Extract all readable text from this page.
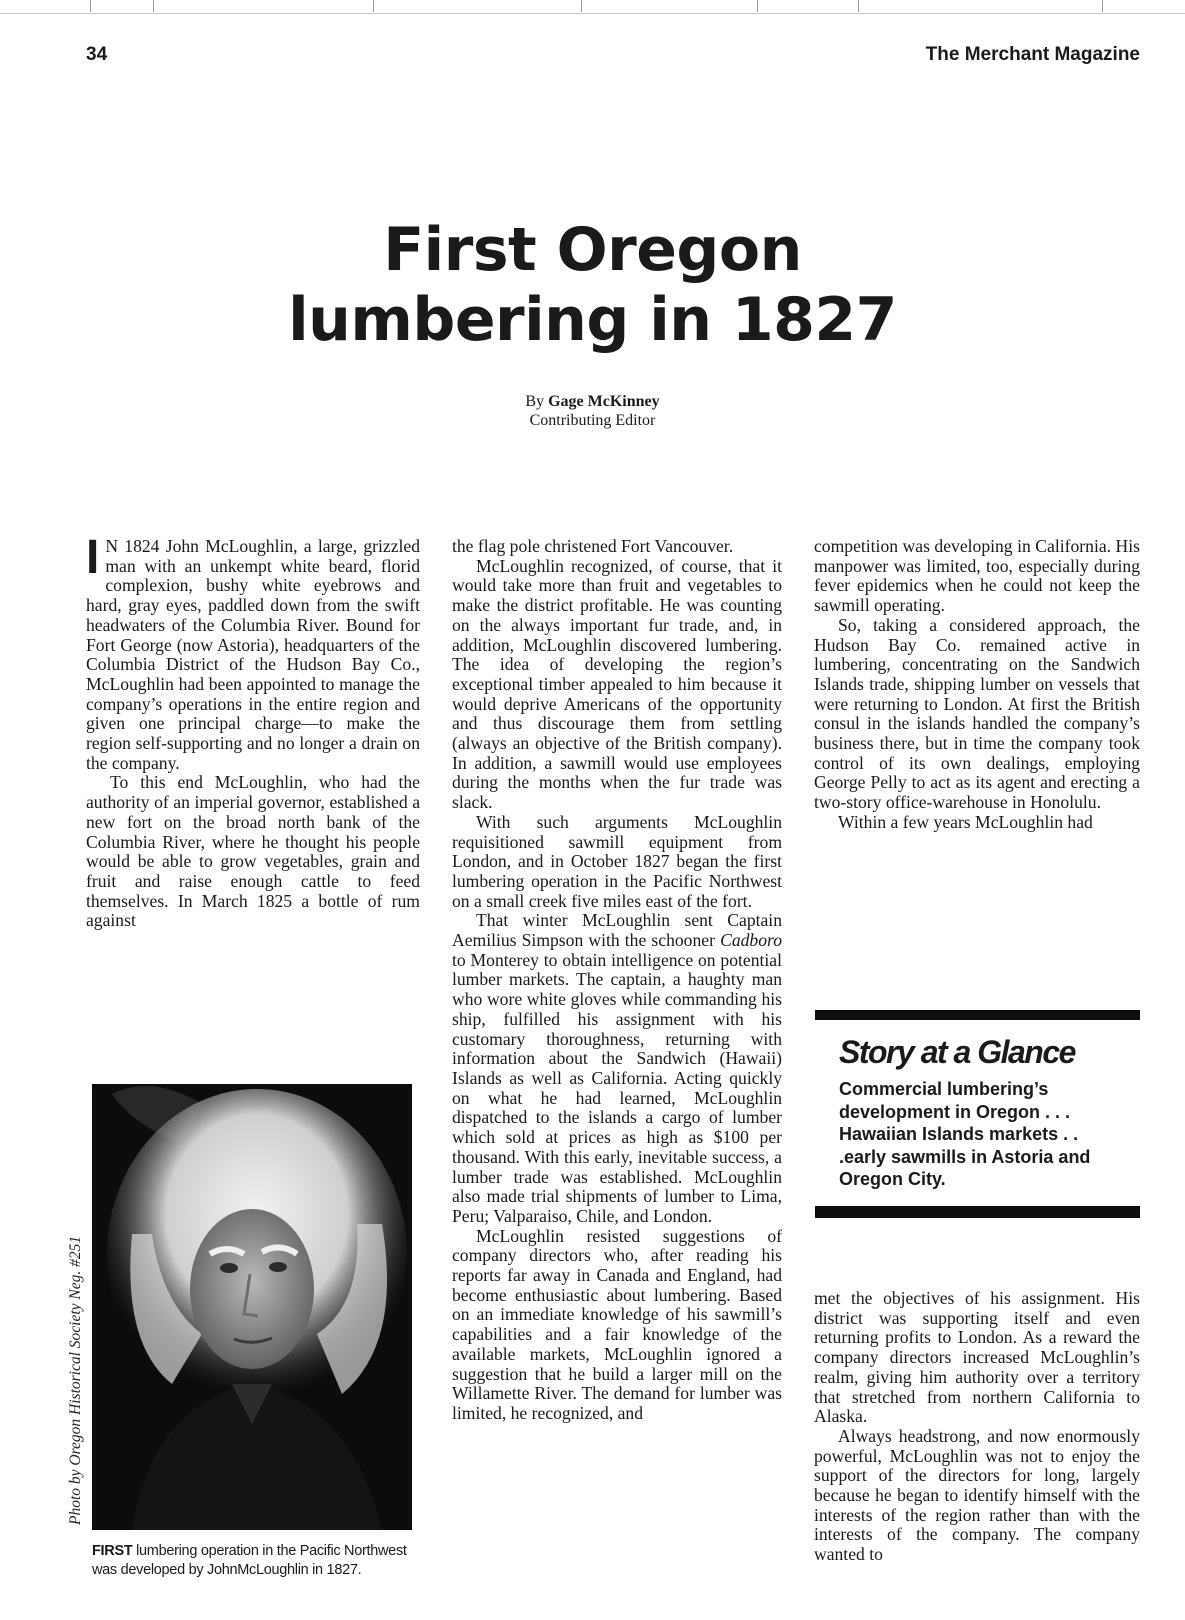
34	The Merchant Magazine
First Oregon
lumbering in 1827
By Gage McKinney
Contributing Editor

I N 1824 John McLoughlin, a large, grizzled man with an unkempt white beard, florid complexion, bushy white eyebrows and hard, gray eyes, paddled down from the swift headwaters of the Columbia River. Bound for Fort George (now Astoria), headquarters of the Columbia District of the Hudson Bay Co., McLoughlin had been appointed to manage the company’s operations in the entire region and given one principal charge—to make the region self-supporting and no longer a drain on the company.

To this end McLoughlin, who had the authority of an imperial governor, established a new fort on the broad north bank of the Columbia River, where he thought his people would be able to grow vegetables, grain and fruit and raise enough cattle to feed themselves. In March 1825 a bottle of rum against

the flag pole christened Fort Vancouver.

McLoughlin recognized, of course, that it would take more than fruit and vegetables to make the district profitable. He was counting on the always important fur trade, and, in addition, McLoughlin discovered lumbering. The idea of developing the region’s exceptional timber appealed to him because it would deprive Americans of the opportunity and thus discourage them from settling (always an objective of the British company). In addition, a sawmill would use employees during the months when the fur trade was slack.

With such arguments McLoughlin requisitioned sawmill equipment from London, and in October 1827 began the first lumbering operation in the Pacific Northwest on a small creek five miles east of the fort.

That winter McLoughlin sent Captain Aemilius Simpson with the schooner Cadboro to Monterey to obtain intelligence on potential lumber markets. The captain, a haughty man who wore white gloves while commanding his ship, fulfilled his assignment with his customary thoroughness, returning with information about the Sandwich (Hawaii) Islands as well as California. Acting quickly on what he had learned, McLoughlin dispatched to the islands a cargo of lumber which sold at prices as high as $100 per thousand. With this early, inevitable success, a lumber trade was established. McLoughlin also made trial shipments of lumber to Lima, Peru; Valparaiso, Chile, and London.

McLoughlin resisted suggestions of company directors who, after reading his reports far away in Canada and England, had become enthusiastic about lumbering. Based on an immediate knowledge of his sawmill’s capabilities and a fair knowledge of the available markets, McLoughlin ignored a suggestion that he build a larger mill on the Willamette River. The demand for lumber was limited, he recognized, and

competition was developing in California. His manpower was limited, too, especially during fever epidemics when he could not keep the sawmill operating.

So, taking a considered approach, the Hudson Bay Co. remained active in lumbering, concentrating on the Sandwich Islands trade, shipping lumber on vessels that were returning to London. At first the British consul in the islands handled the company’s business there, but in time the company took control of its own dealings, employing George Pelly to act as its agent and erecting a two-story office-warehouse in Honolulu.

Within a few years McLoughlin had

Story at a Glance
Commercial lumbering’s development in Oregon . . . Hawaiian Islands markets . . .early sawmills in Astoria and Oregon City.

met the objectives of his assignment. His district was supporting itself and even returning profits to London. As a reward the company directors increased McLoughlin’s realm, giving him authority over a territory that stretched from northern California to Alaska.

Always headstrong, and now enormously powerful, McLoughlin was not to enjoy the support of the directors for long, largely because he began to identify himself with the interests of the region rather than with the interests of the company. The company wanted to

Photo by Oregon Historical Society Neg. #251
FIRST lumbering operation in the Pacific Northwest was developed by JohnMcLoughlin in 1827.
